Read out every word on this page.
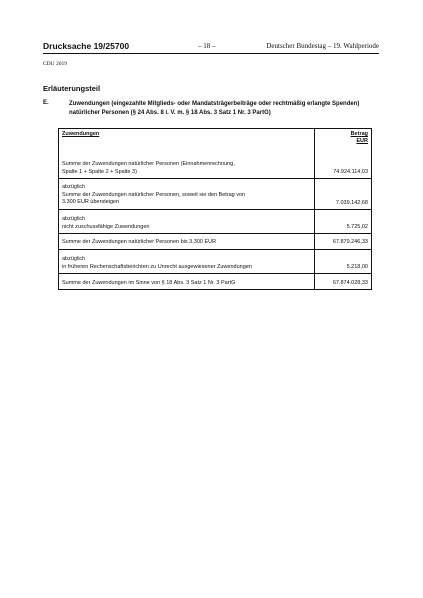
Drucksache 19/25700	– 18 –	Deutscher Bundestag – 19. Wahlperiode
CDU 2019
Erläuterungsteil
E.	Zuwendungen (eingezahlte Mitglieds- oder Mandatsträgerbeiträge oder rechtmäßig erlangte Spenden) natürlicher Personen (§ 24 Abs. 8 i. V. m. § 18 Abs. 3 Satz 1 Nr. 3 PartG)
Zuwendungen	Betrag
EUR
Summe der Zuwendungen natürlicher Personen (Einnahmenrechnung,
Spalte 1 + Spalte 2 + Spalte 3)	74.924.114,03
abzüglich
Summe der Zuwendungen natürlicher Personen, soweit sie den Betrag von
3.300 EUR übersteigen	7.039.142,68
abzüglich
nicht zuschussfähige Zuwendungen	5.725,02
Summe der Zuwendungen natürlicher Personen bis 3.300 EUR	67.879.246,33
abzüglich
in früheren Rechenschaftsberichten zu Unrecht ausgewiesener Zuwendungen	5.218,00
Summe der Zuwendungen im Sinne von § 18 Abs. 3 Satz 1 Nr. 3 PartG	67.874.028,33
